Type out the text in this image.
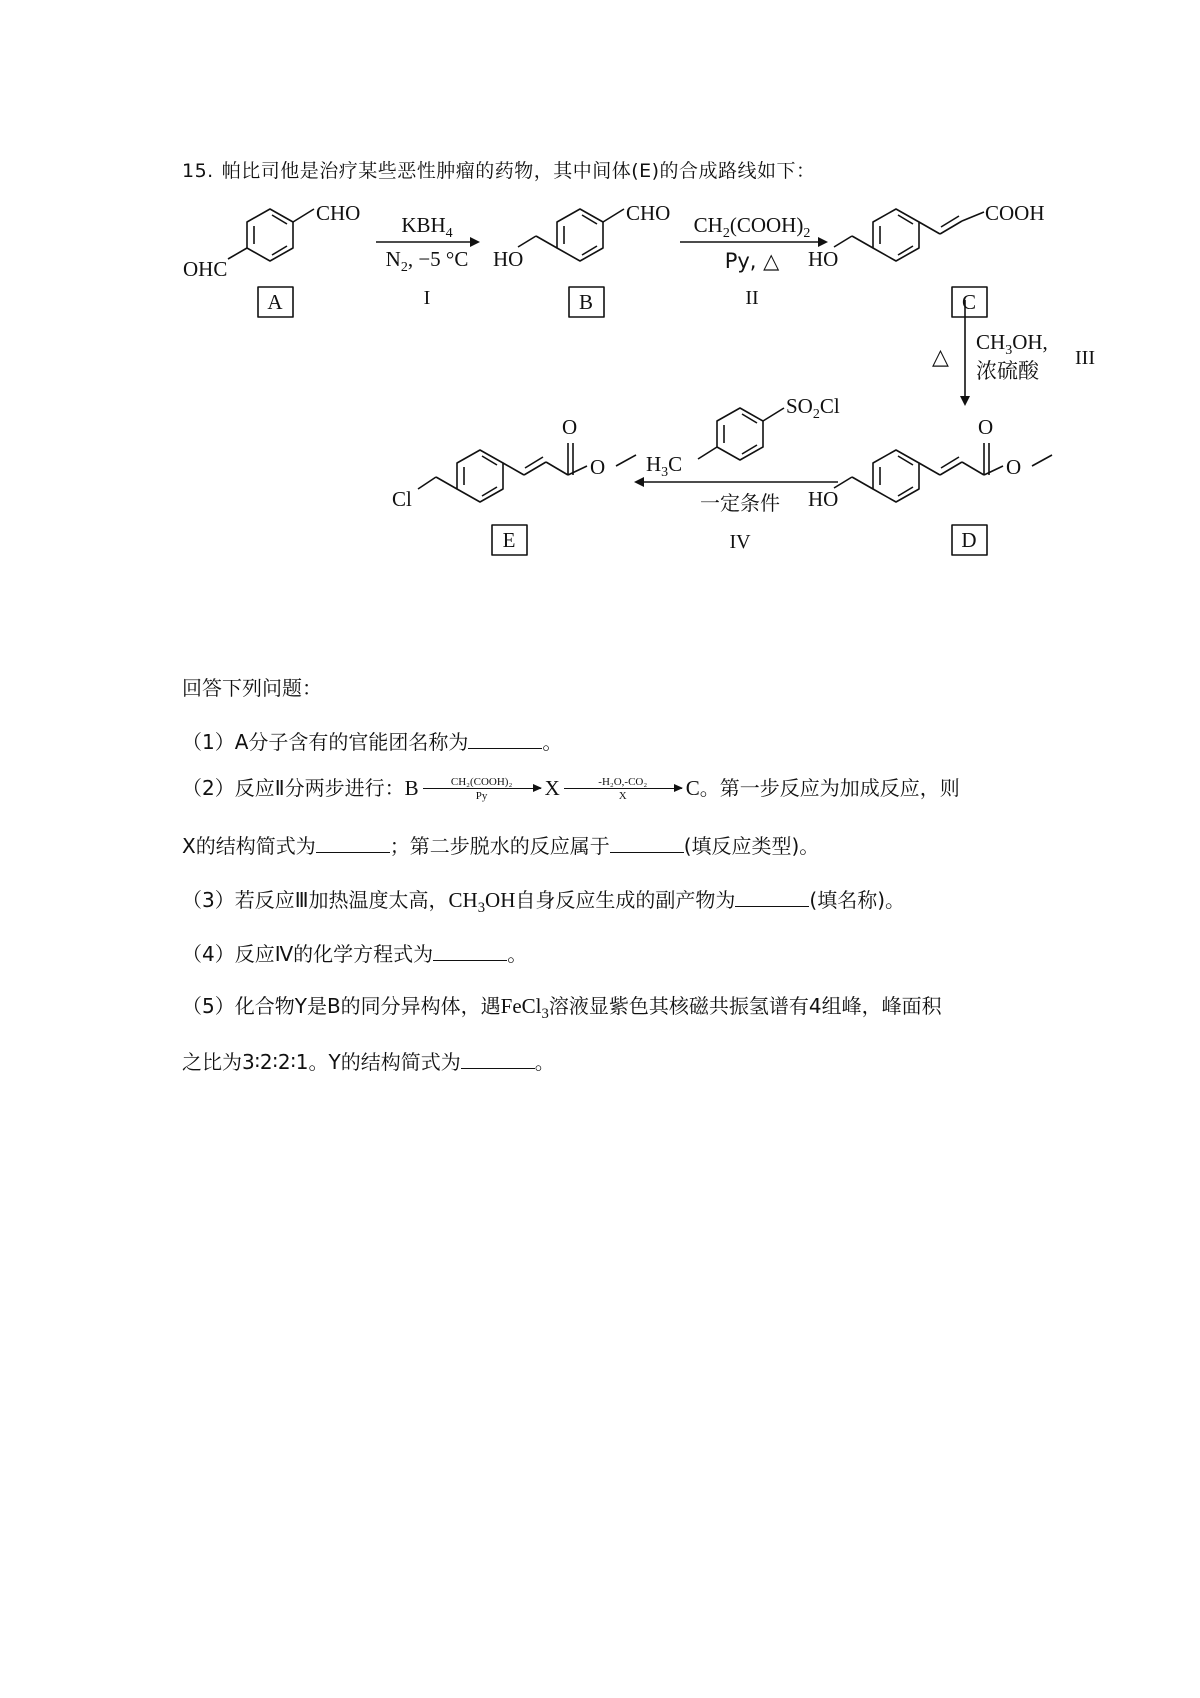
15. 帕比司他是治疗某些恶性肿瘤的药物，其中间体(E)的合成路线如下：
CHO
OHC
A
$KBH_4$
$N_2$, −5 °C
I
CHO
HO
B
$CH_2(COOH)_2$
Py, △
II
COOH
HO
C
△
$CH_3OH$,
浓硫酸
III
O
O
HO
D
$SO_2Cl$
$H_3C$
一定条件
IV
O
O
Cl
E
回答下列问题：
（1）A分子含有的官能团名称为	。
（2）反应Ⅱ分两步进行：B	CH₂(COOH)₂
Py	X $\frac{\text{-H₂O,-CO₂}}{X}$ C。第一步反应为加成反应，则
X的结构简式为	；第二步脱水的反应属于	(填反应类型)。
（3）若反应Ⅲ加热温度太高，$CH_3OH$自身反应生成的副产物为	(填名称)。
（4）反应Ⅳ的化学方程式为	。
（5）化合物Y是B的同分异构体，遇FeCl$_3$溶液显紫色其核磁共振氢谱有4组峰，峰面积
之比为3∶2∶2∶1。Y的结构简式为	。
